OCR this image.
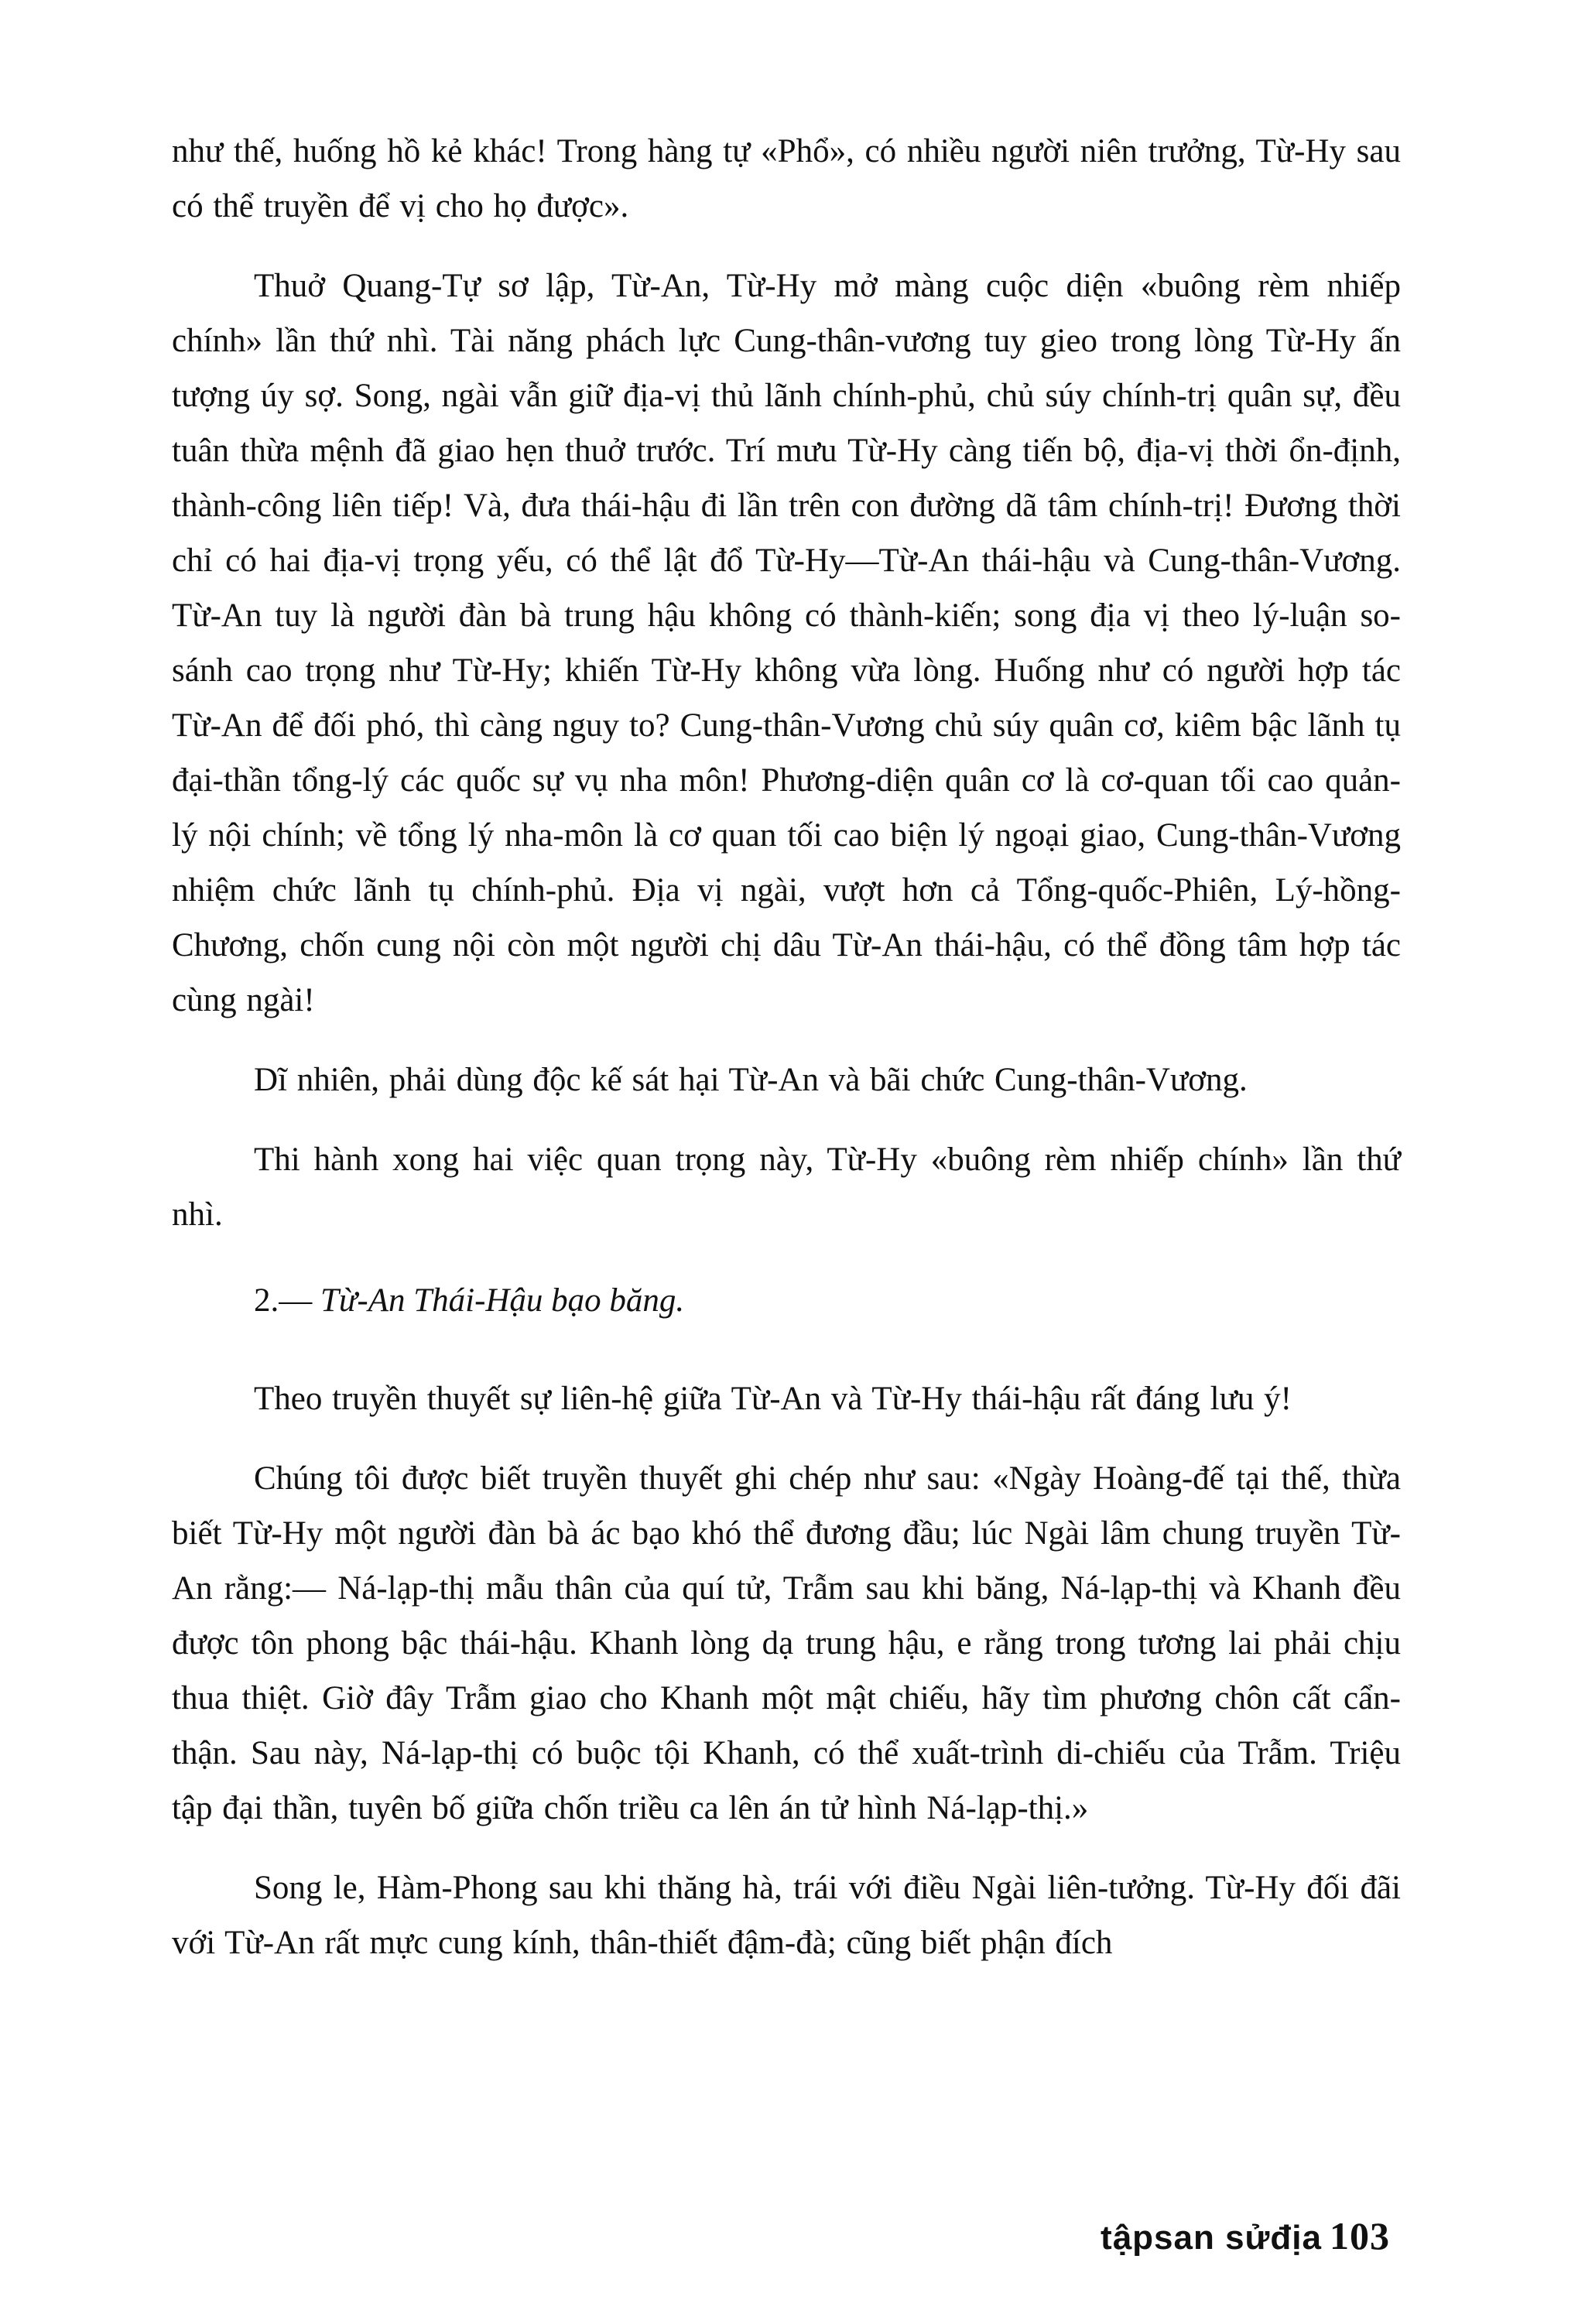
như thế, huống hồ kẻ khác! Trong hàng tự «Phổ», có nhiều người niên trưởng, Từ-Hy sau có thể truyền để vị cho họ được».

Thuở Quang-Tự sơ lập, Từ-An, Từ-Hy mở màng cuộc diện «buông rèm nhiếp chính» lần thứ nhì. Tài năng phách lực Cung-thân-vương tuy gieo trong lòng Từ-Hy ấn tượng úy sợ. Song, ngài vẫn giữ địa-vị thủ lãnh chính-phủ, chủ súy chính-trị quân sự, đều tuân thừa mệnh đã giao hẹn thuở trước. Trí mưu Từ-Hy càng tiến bộ, địa-vị thời ổn-định, thành-công liên tiếp! Và, đưa thái-hậu đi lần trên con đường dã tâm chính-trị! Đương thời chỉ có hai địa-vị trọng yếu, có thể lật đổ Từ-Hy—Từ-An thái-hậu và Cung-thân-Vương. Từ-An tuy là người đàn bà trung hậu không có thành-kiến; song địa vị theo lý-luận so-sánh cao trọng như Từ-Hy; khiến Từ-Hy không vừa lòng. Huống như có người hợp tác Từ-An để đối phó, thì càng nguy to? Cung-thân-Vương chủ súy quân cơ, kiêm bậc lãnh tụ đại-thần tổng-lý các quốc sự vụ nha môn! Phương-diện quân cơ là cơ-quan tối cao quản-lý nội chính; về tổng lý nha-môn là cơ quan tối cao biện lý ngoại giao, Cung-thân-Vương nhiệm chức lãnh tụ chính-phủ. Địa vị ngài, vượt hơn cả Tổng-quốc-Phiên, Lý-hồng-Chương, chốn cung nội còn một người chị dâu Từ-An thái-hậu, có thể đồng tâm hợp tác cùng ngài!

Dĩ nhiên, phải dùng độc kế sát hại Từ-An và bãi chức Cung-thân-Vương.

Thi hành xong hai việc quan trọng này, Từ-Hy «buông rèm nhiếp chính» lần thứ nhì.

2.— Từ-An Thái-Hậu bạo băng.

Theo truyền thuyết sự liên-hệ giữa Từ-An và Từ-Hy thái-hậu rất đáng lưu ý!

Chúng tôi được biết truyền thuyết ghi chép như sau: «Ngày Hoàng-đế tại thế, thừa biết Từ-Hy một người đàn bà ác bạo khó thể đương đầu; lúc Ngài lâm chung truyền Từ-An rằng:— Ná-lạp-thị mẫu thân của quí tử, Trẫm sau khi băng, Ná-lạp-thị và Khanh đều được tôn phong bậc thái-hậu. Khanh lòng dạ trung hậu, e rằng trong tương lai phải chịu thua thiệt. Giờ đây Trẫm giao cho Khanh một mật chiếu, hãy tìm phương chôn cất cẩn-thận. Sau này, Ná-lạp-thị có buộc tội Khanh, có thể xuất-trình di-chiếu của Trẫm. Triệu tập đại thần, tuyên bố giữa chốn triều ca lên án tử hình Ná-lạp-thị.»

Song le, Hàm-Phong sau khi thăng hà, trái với điều Ngài liên-tưởng. Từ-Hy đối đãi với Từ-An rất mực cung kính, thân-thiết đậm-đà; cũng biết phận đích

tậpsan sửđịa 103
